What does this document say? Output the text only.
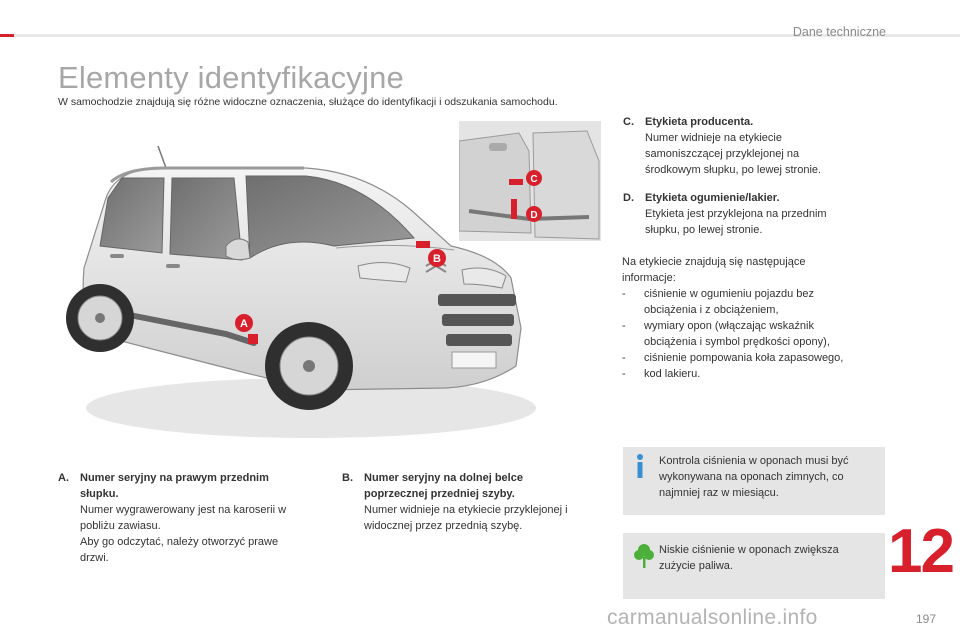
Dane techniczne
Elementy identyfikacyjne
W samochodzie znajdują się różne widoczne oznaczenia, służące do identyfikacji i odszukania samochodu.
A
B
C
D
C. Etykieta producenta.
Numer widnieje na etykiecie
samoniszczącej przyklejonej na
środkowym słupku, po lewej stronie.
D. Etykieta ogumienie/lakier.
Etykieta jest przyklejona na przednim
słupku, po lewej stronie.
Na etykiecie znajdują się następujące
informacje:
- ciśnienie w ogumieniu pojazdu bez
obciążenia i z obciążeniem,
- wymiary opon (włączając wskaźnik
obciążenia i symbol prędkości opony),
- ciśnienie pompowania koła zapasowego,
- kod lakieru.
A. Numer seryjny na prawym przednim
słupku.
Numer wygrawerowany jest na karoserii w
pobliżu zawiasu.
Aby go odczytać, należy otworzyć prawe
drzwi.
B. Numer seryjny na dolnej belce
poprzecznej przedniej szyby.
Numer widnieje na etykiecie przyklejonej i
widocznej przez przednią szybę.
Kontrola ciśnienia w oponach musi być
wykonywana na oponach zimnych, co
najmniej raz w miesiącu.
Niskie ciśnienie w oponach zwiększa
zużycie paliwa.	12
carmanualsonline.info	197
